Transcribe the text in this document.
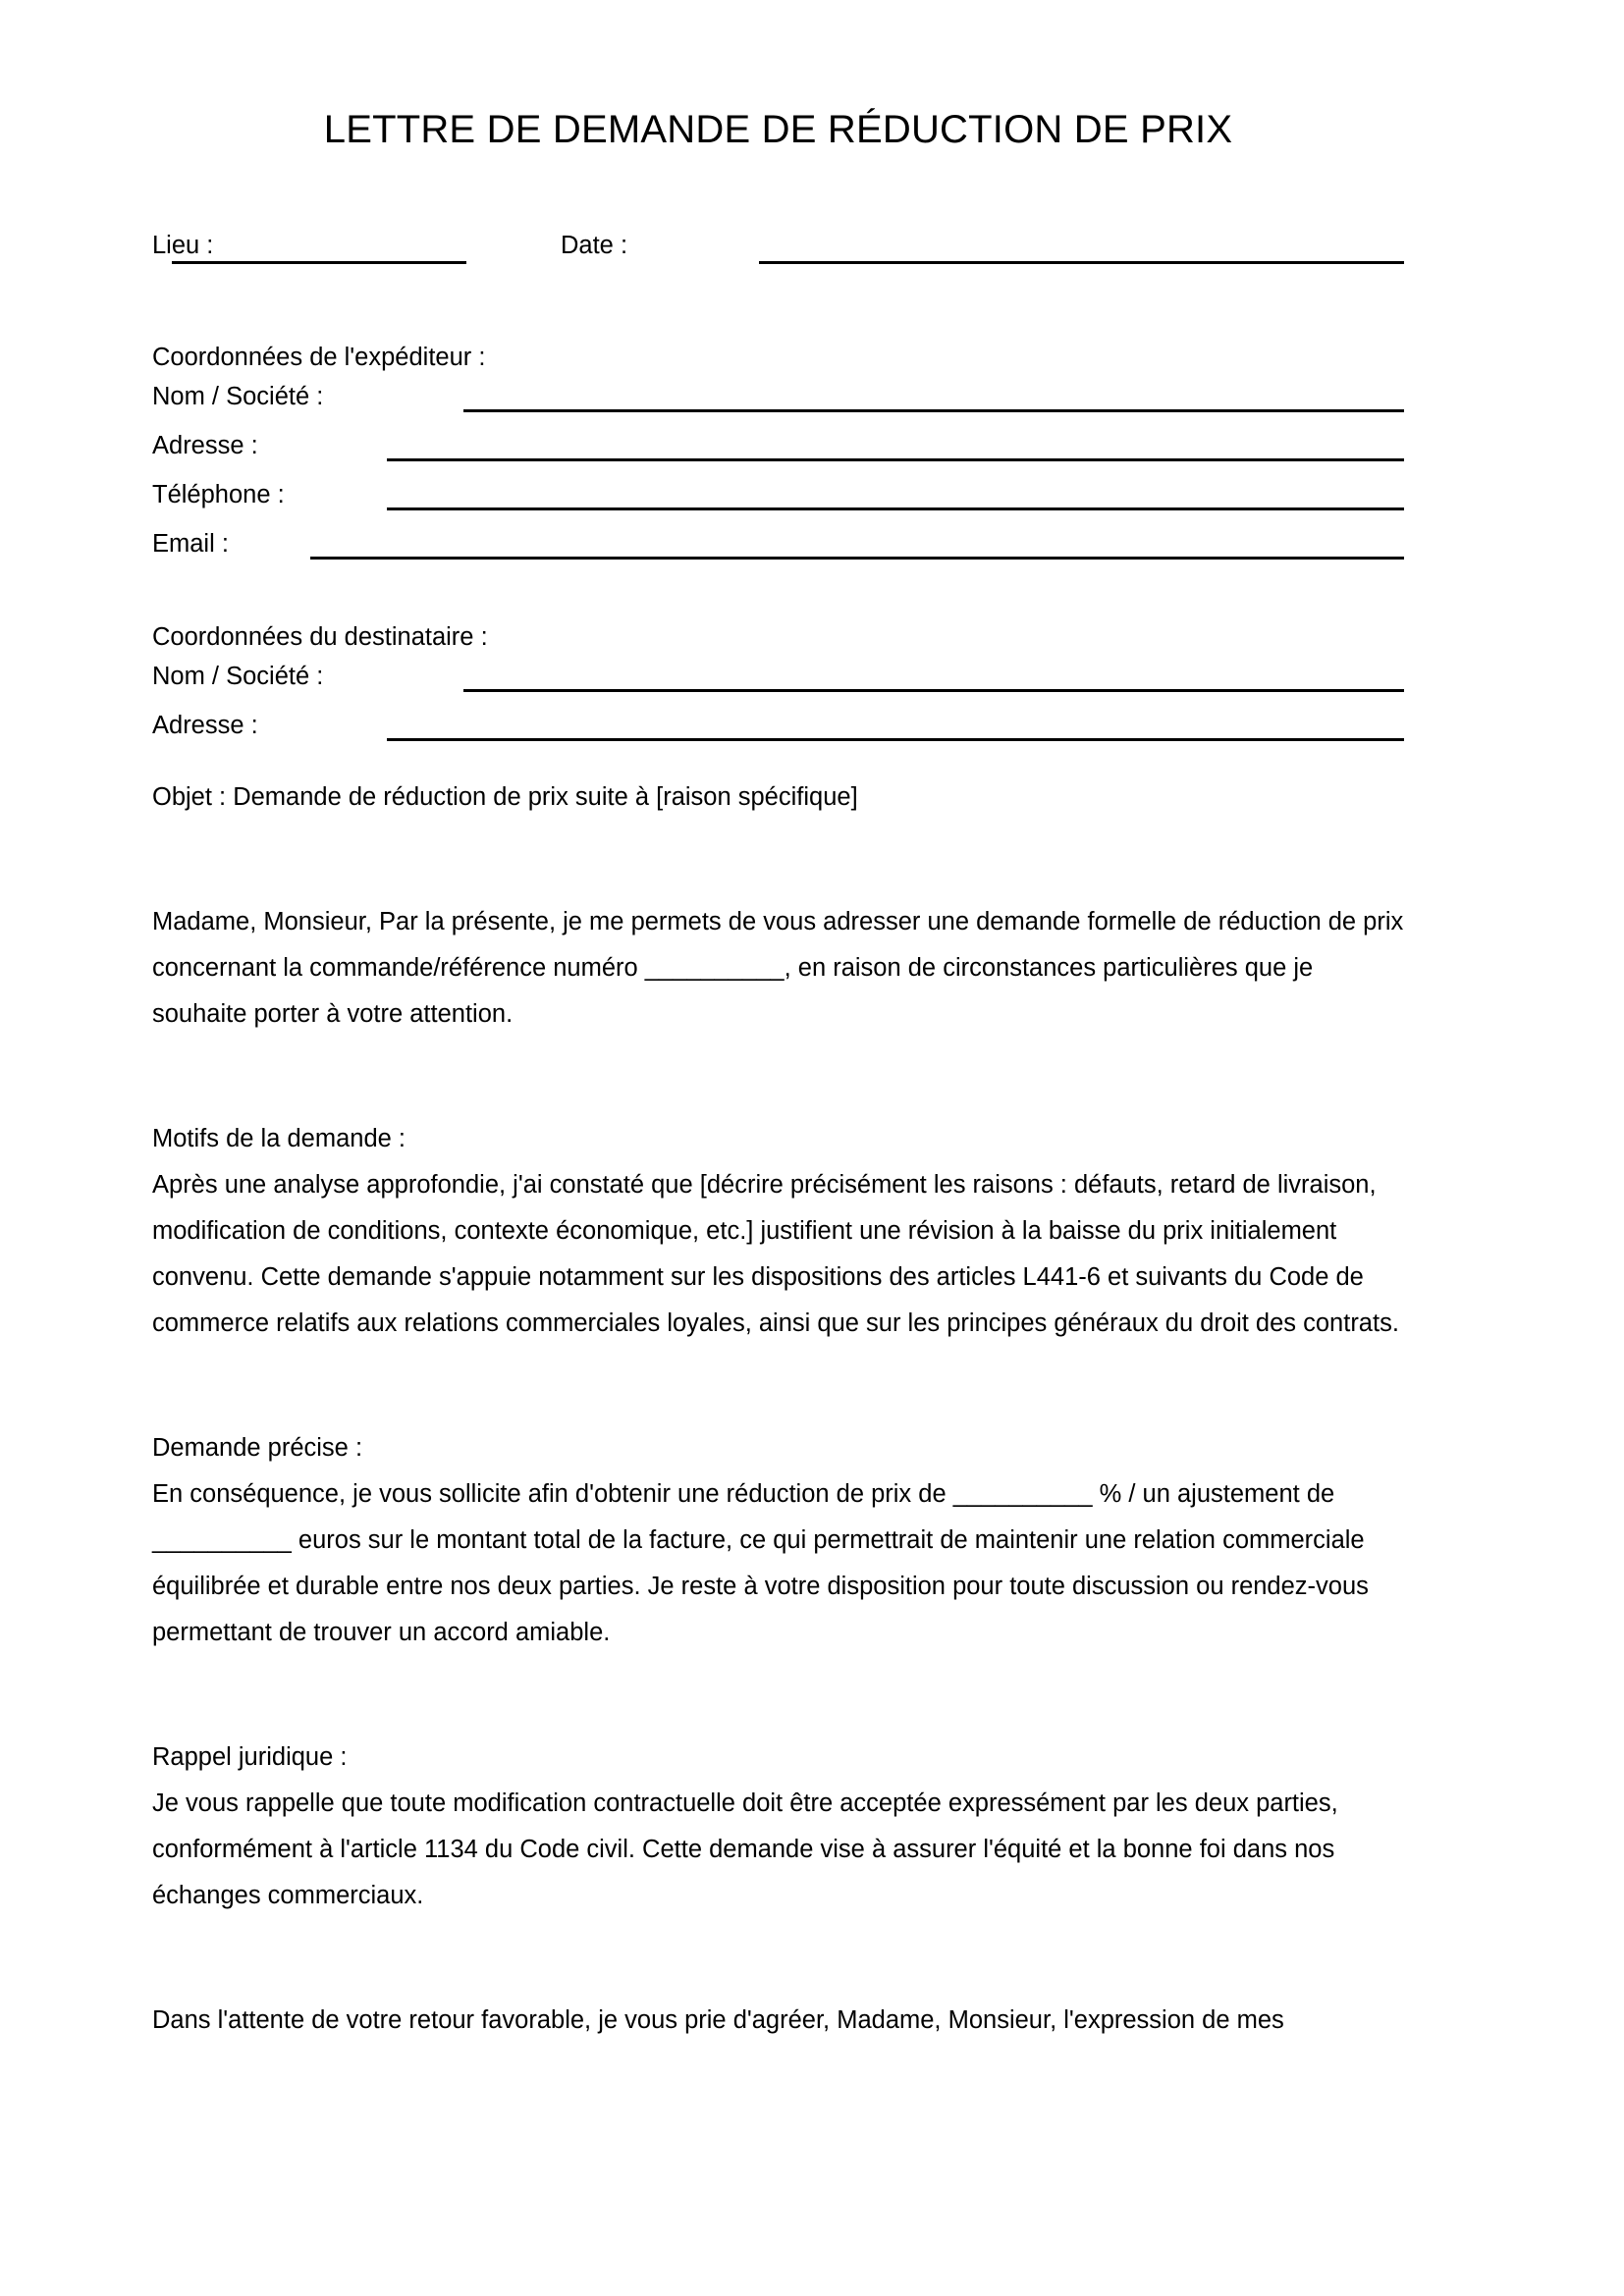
LETTRE DE DEMANDE DE RÉDUCTION DE PRIX
Lieu :	Date :
Coordonnées de l'expéditeur :
Nom / Société :
Adresse :
Téléphone :
Email :
Coordonnées du destinataire :
Nom / Société :
Adresse :
Objet : Demande de réduction de prix suite à [raison spécifique]
Madame, Monsieur, Par la présente, je me permets de vous adresser une demande formelle de réduction de prix concernant la commande/référence numéro __________, en raison de circonstances particulières que je souhaite porter à votre attention.
Motifs de la demande :
Après une analyse approfondie, j'ai constaté que [décrire précisément les raisons : défauts, retard de livraison, modification de conditions, contexte économique, etc.] justifient une révision à la baisse du prix initialement convenu. Cette demande s'appuie notamment sur les dispositions des articles L441-6 et suivants du Code de commerce relatifs aux relations commerciales loyales, ainsi que sur les principes généraux du droit des contrats.
Demande précise :
En conséquence, je vous sollicite afin d'obtenir une réduction de prix de __________ % / un ajustement de __________ euros sur le montant total de la facture, ce qui permettrait de maintenir une relation commerciale équilibrée et durable entre nos deux parties. Je reste à votre disposition pour toute discussion ou rendez-vous permettant de trouver un accord amiable.
Rappel juridique :
Je vous rappelle que toute modification contractuelle doit être acceptée expressément par les deux parties, conformément à l'article 1134 du Code civil. Cette demande vise à assurer l'équité et la bonne foi dans nos échanges commerciaux.
Dans l'attente de votre retour favorable, je vous prie d'agréer, Madame, Monsieur, l'expression de mes
